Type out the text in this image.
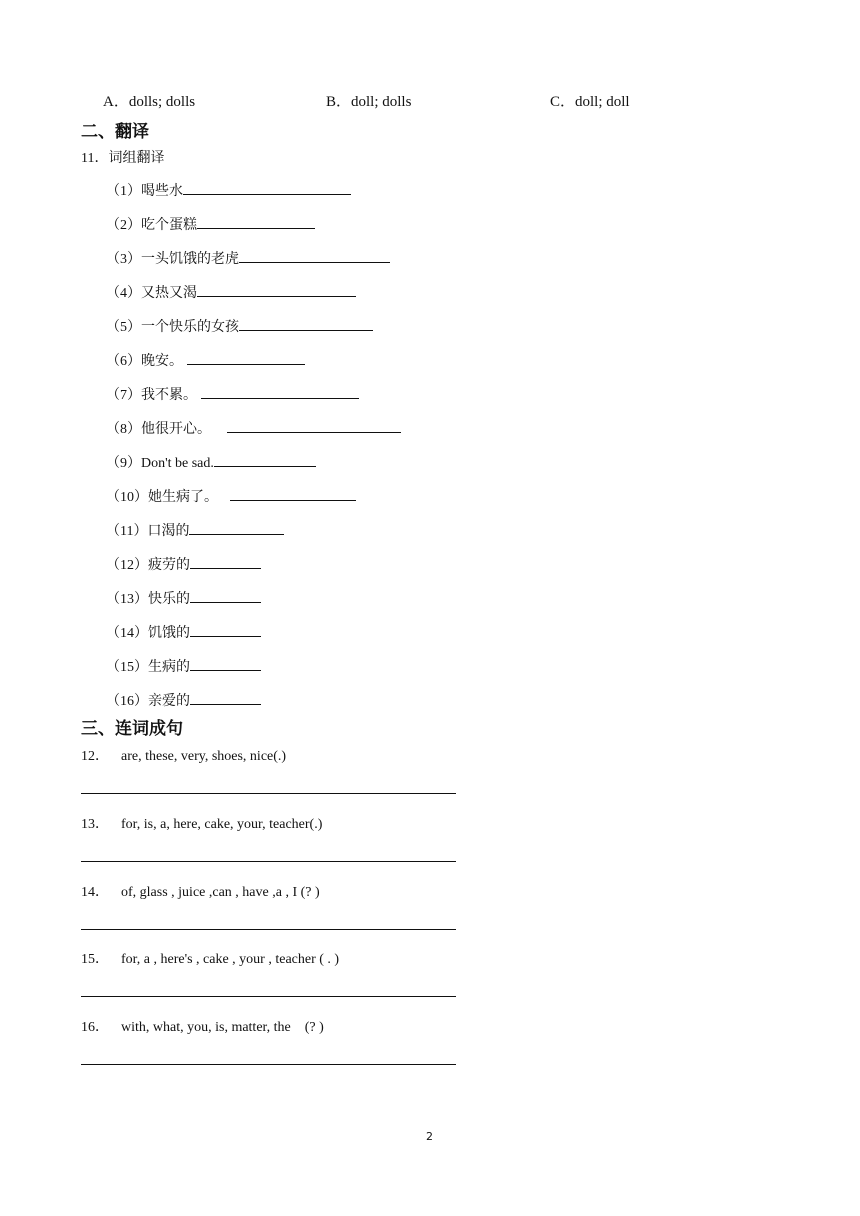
A．dolls; dolls	B．doll; dolls	C．doll; doll
二、翻译
11．词组翻译
（1）喝些水
（2）吃个蛋糕
（3）一头饥饿的老虎
（4）又热又渴
（5）一个快乐的女孩
（6）晚安。
（7）我不累。
（8）他很开心。
（9）Don't be sad.
（10）她生病了。
（11）口渴的
（12）疲劳的
（13）快乐的
（14）饥饿的
（15）生病的
（16）亲爱的
三、连词成句
12． are, these, very, shoes, nice(.)
13． for, is, a, here, cake, your, teacher(.)
14． of, glass , juice ,can , have ,a , I (? )
15． for, a , here's , cake , your , teacher ( . )
16． with, what, you, is, matter, the　(? )
2
